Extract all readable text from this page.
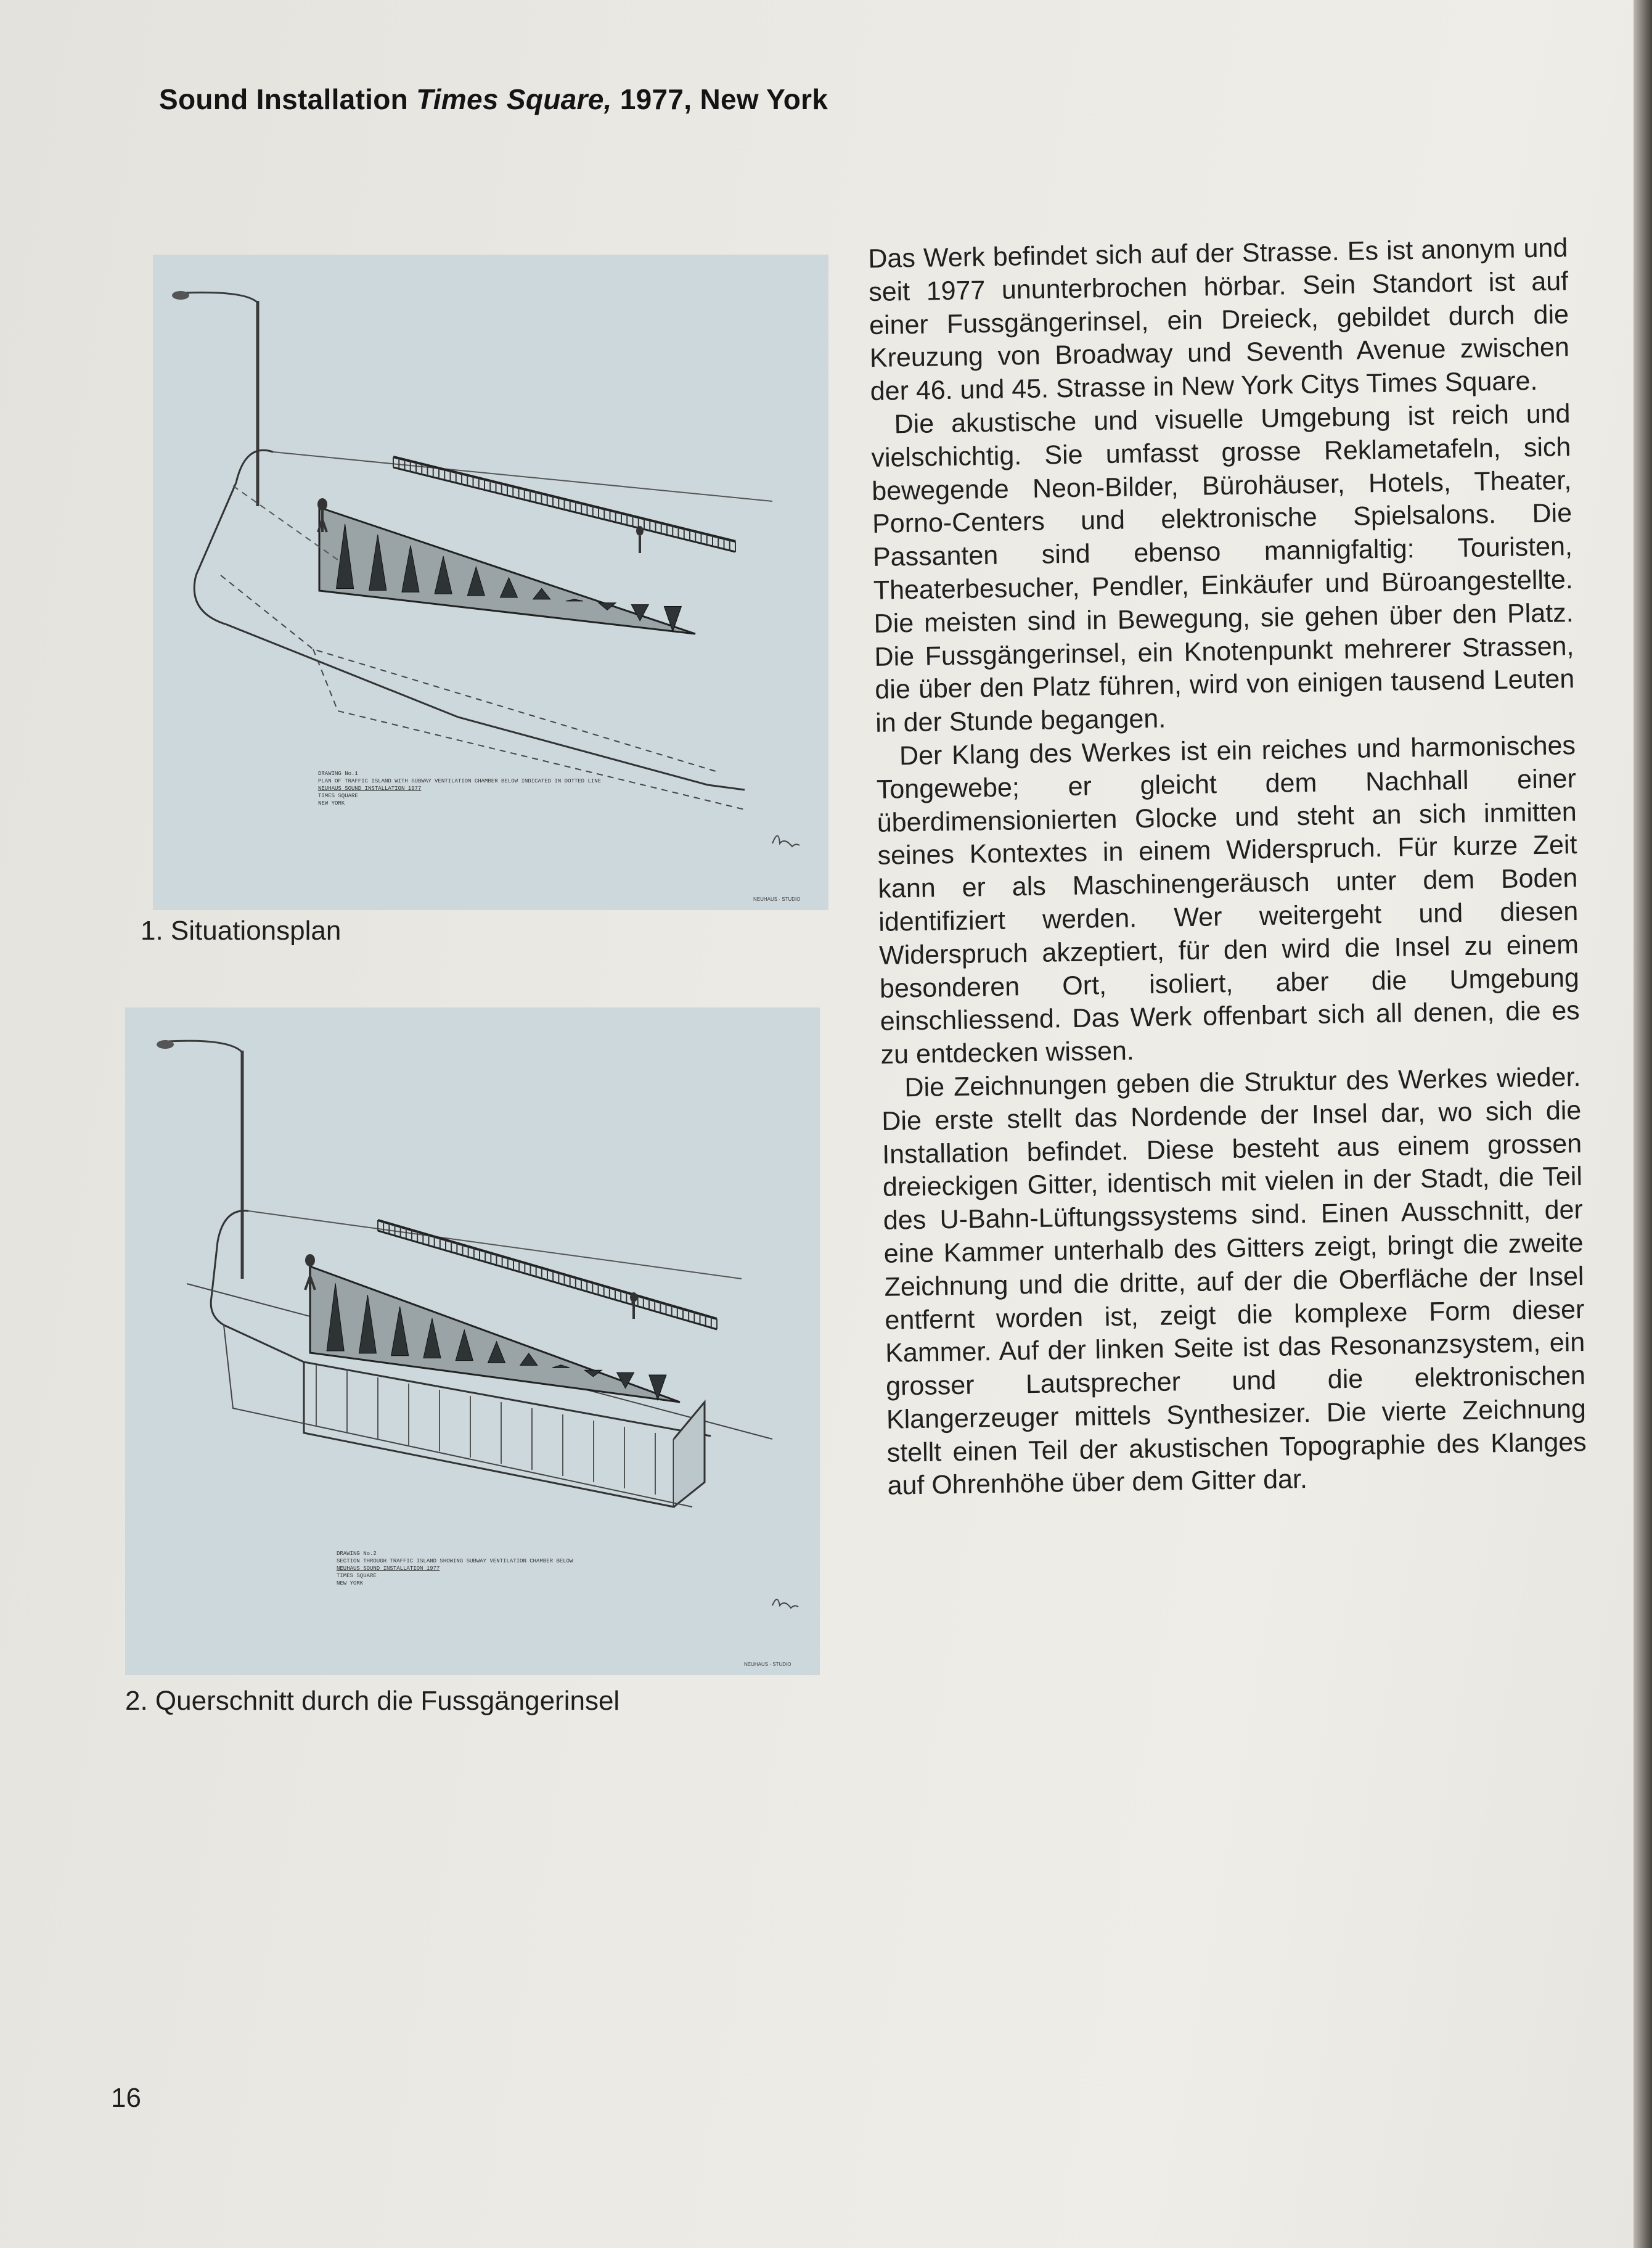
Sound Installation Times Square, 1977, New York
NEUHAUS · STUDIO
DRAWING No.1
PLAN OF TRAFFIC ISLAND WITH SUBWAY VENTILATION CHAMBER BELOW INDICATED IN DOTTED LINE
NEUHAUS SOUND INSTALLATION 1977
TIMES SQUARE
NEW YORK
1. Situationsplan
NEUHAUS · STUDIO
DRAWING No.2
SECTION THROUGH TRAFFIC ISLAND SHOWING SUBWAY VENTILATION CHAMBER BELOW
NEUHAUS SOUND INSTALLATION 1977
TIMES SQUARE
NEW YORK
2. Querschnitt durch die Fussgängerinsel

Das Werk befindet sich auf der Strasse. Es ist anonym und seit 1977 ununterbrochen hörbar. Sein Standort ist auf einer Fussgängerinsel, ein Dreieck, gebildet durch die Kreuzung von Broadway und Seventh Avenue zwischen der 46. und 45. Strasse in New York Citys Times Square.

Die akustische und visuelle Umgebung ist reich und vielschichtig. Sie umfasst grosse Reklametafeln, sich bewegende Neon-Bilder, Bürohäuser, Hotels, Theater, Porno-Centers und elektronische Spielsalons. Die Passanten sind ebenso mannigfaltig: Touristen, Theaterbesucher, Pendler, Einkäufer und Büroangestellte. Die meisten sind in Bewegung, sie gehen über den Platz. Die Fussgängerinsel, ein Knotenpunkt mehrerer Strassen, die über den Platz führen, wird von einigen tausend Leuten in der Stunde begangen.

Der Klang des Werkes ist ein reiches und harmonisches Tongewebe; er gleicht dem Nachhall einer überdimensionierten Glocke und steht an sich inmitten seines Kontextes in einem Widerspruch. Für kurze Zeit kann er als Maschinengeräusch unter dem Boden identifiziert werden. Wer weitergeht und diesen Widerspruch akzeptiert, für den wird die Insel zu einem besonderen Ort, isoliert, aber die Umgebung einschliessend. Das Werk offenbart sich all denen, die es zu entdecken wissen.

Die Zeichnungen geben die Struktur des Werkes wieder. Die erste stellt das Nordende der Insel dar, wo sich die Installation befindet. Diese besteht aus einem grossen dreieckigen Gitter, identisch mit vielen in der Stadt, die Teil des U-Bahn-Lüftungssystems sind. Einen Ausschnitt, der eine Kammer unterhalb des Gitters zeigt, bringt die zweite Zeichnung und die dritte, auf der die Oberfläche der Insel entfernt worden ist, zeigt die komplexe Form dieser Kammer. Auf der linken Seite ist das Resonanzsystem, ein grosser Lautsprecher und die elektronischen Klangerzeuger mittels Synthesizer. Die vierte Zeichnung stellt einen Teil der akustischen Topographie des Klanges auf Ohrenhöhe über dem Gitter dar.

16
